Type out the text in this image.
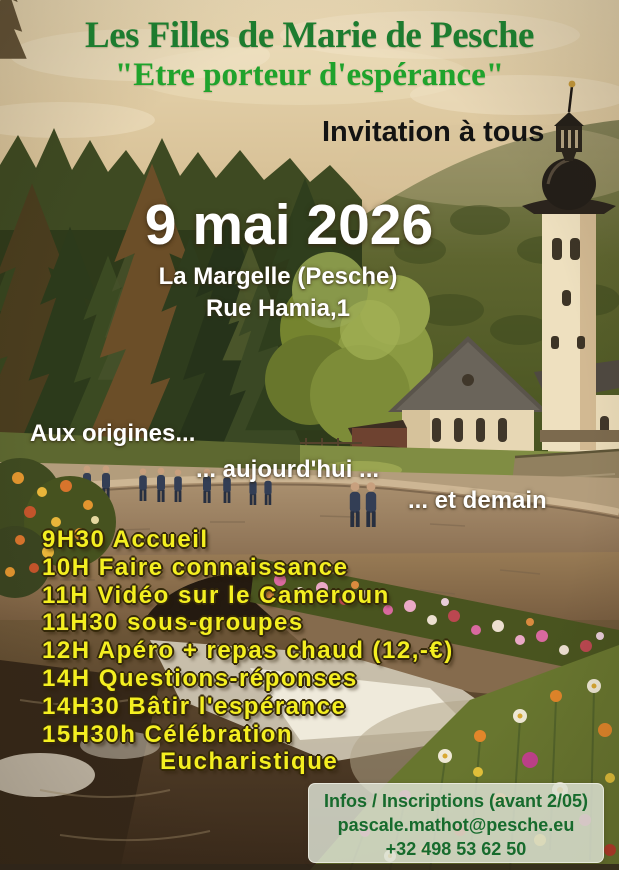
Les Filles de Marie de Pesche
"Etre porteur d'espérance"
Invitation à tous
9 mai 2026
La Margelle (Pesche)
Rue Hamia,1
Aux origines...
... aujourd'hui ...
... et demain
9H30 Accueil
10H Faire connaissance
11H Vidéo sur le Cameroun
11H30 sous-groupes
12H Apéro + repas chaud (12,-€)
14H Questions-réponses
14H30 Bâtir l'espérance
15H30h Célébration
Eucharistique
Infos / Inscriptions (avant 2/05)
pascale.mathot@pesche.eu
+32 498 53 62 50
